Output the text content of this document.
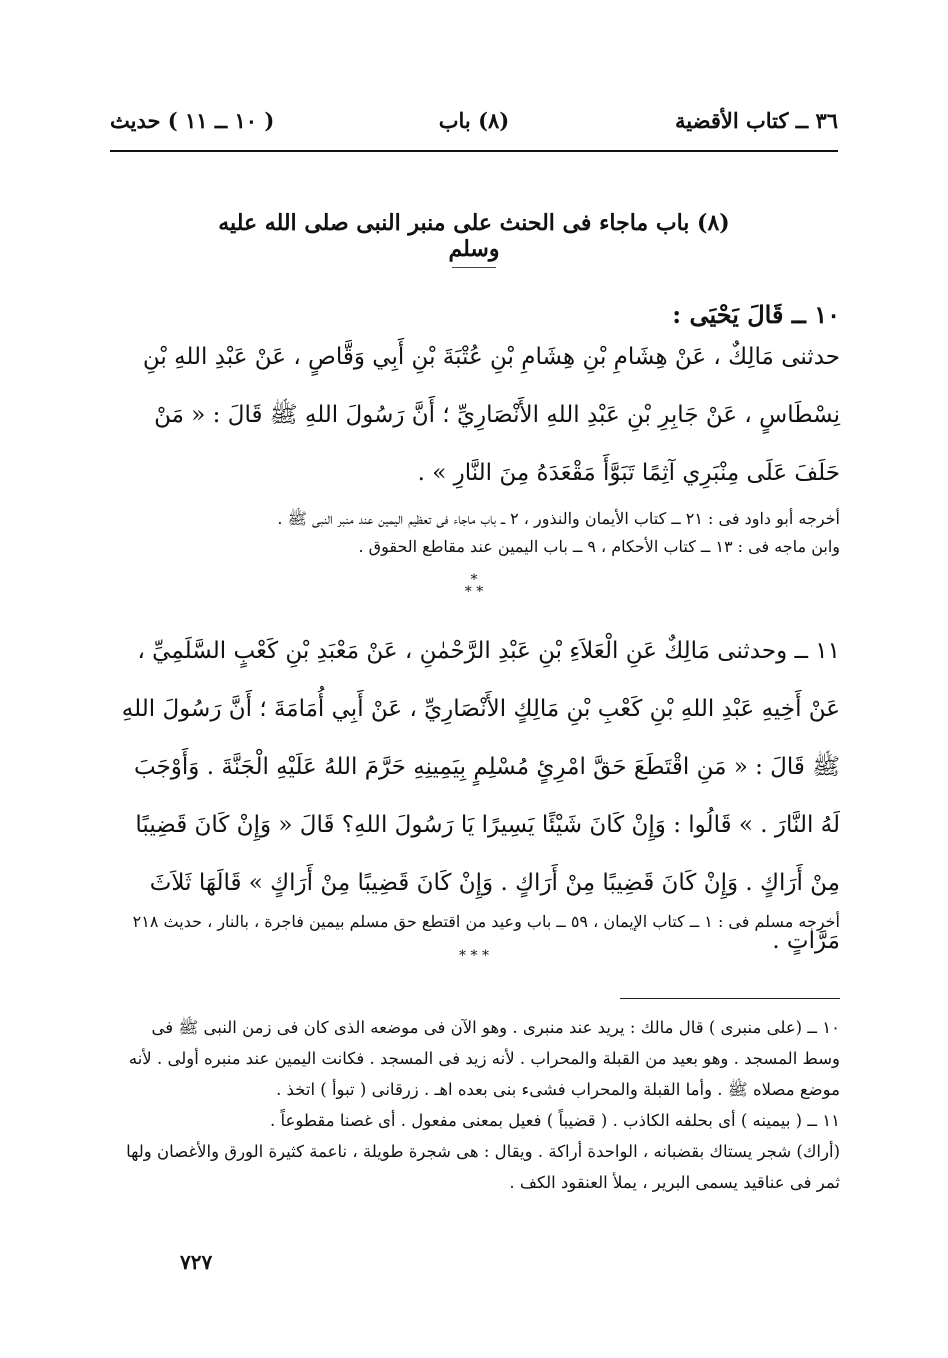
٣٦ ــ كتاب الأقضية
(٨) باب
( ١٠ ــ ١١ ) حديث
(٨) باب ماجاء فى الحنث على منبر النبى صلى الله عليه وسلم
١٠ ــ قَالَ يَحْيَى :
حدثنى مَالِكٌ ، عَنْ هِشَامِ بْنِ هِشَامِ بْنِ عُتْبَةَ بْنِ أَبِي وَقَّاصٍ ، عَنْ عَبْدِ اللهِ بْنِ نِسْطَاسٍ ، عَنْ جَابِرِ بْنِ عَبْدِ اللهِ الأَنْصَارِيِّ ؛ أَنَّ رَسُولَ اللهِ ﷺ قَالَ : « مَنْ حَلَفَ عَلَى مِنْبَرِي آثِمًا تَبَوَّأَ مَقْعَدَهُ مِنَ النَّارِ » .
أخرجه أبو داود فى : ٢١ ــ كتاب الأيمان والنذور ، ٢ ــ باب ماجاء فى تعظيم اليمين عند منبر النبى ﷺ .
وابن ماجه فى : ١٣ ــ كتاب الأحكام ، ٩ ــ باب اليمين عند مقاطع الحقوق .
*
* *
١١ ــ وحدثنى مَالِكٌ عَنِ الْعَلاَءِ بْنِ عَبْدِ الرَّحْمٰنِ ، عَنْ مَعْبَدِ بْنِ كَعْبٍ السَّلَمِيِّ ، عَنْ أَخِيهِ عَبْدِ اللهِ بْنِ كَعْبِ بْنِ مَالِكٍ الأَنْصَارِيِّ ، عَنْ أَبِي أُمَامَةَ ؛ أَنَّ رَسُولَ اللهِ ﷺ قَالَ : « مَنِ اقْتَطَعَ حَقَّ امْرِئٍ مُسْلِمٍ بِيَمِينِهِ حَرَّمَ اللهُ عَلَيْهِ الْجَنَّةَ . وَأَوْجَبَ لَهُ النَّارَ . » قَالُوا : وَإِنْ كَانَ شَيْئًا يَسِيرًا يَا رَسُولَ اللهِ؟ قَالَ « وَإِنْ كَانَ قَضِيبًا مِنْ أَرَاكٍ . وَإِنْ كَانَ قَضِيبًا مِنْ أَرَاكٍ . وَإِنْ كَانَ قَضِيبًا مِنْ أَرَاكٍ » قَالَهَا ثَلاَثَ مَرَّاتٍ .
أخرجه مسلم فى : ١ ــ كتاب الإيمان ، ٥٩ ــ باب وعيد من اقتطع حق مسلم بيمين فاجرة ، بالنار ، حديث ٢١٨
* * *

١٠ ــ (على منبرى ) قال مالك : يريد عند منبرى . وهو الآن فى موضعه الذى كان فى زمن النبى ﷺ فى وسط المسجد . وهو بعيد من القبلة والمحراب . لأنه زيد فى المسجد . فكانت اليمين عند منبره أولى . لأنه موضع مصلاه ﷺ . وأما القبلة والمحراب فشىء بنى بعده اهـ . زرقانى ( تبوأ ) اتخذ .

١١ ــ ( بيمينه ) أى بحلفه الكاذب . ( قضيباً ) فعيل بمعنى مفعول . أى غصنا مقطوعاً .

(أراك) شجر يستاك بقضبانه ، الواحدة أراكة . ويقال : هى شجرة طويلة ، ناعمة كثيرة الورق والأغصان ولها ثمر فى عناقيد يسمى البرير ، يملأ العنقود الكف .

٧٢٧
